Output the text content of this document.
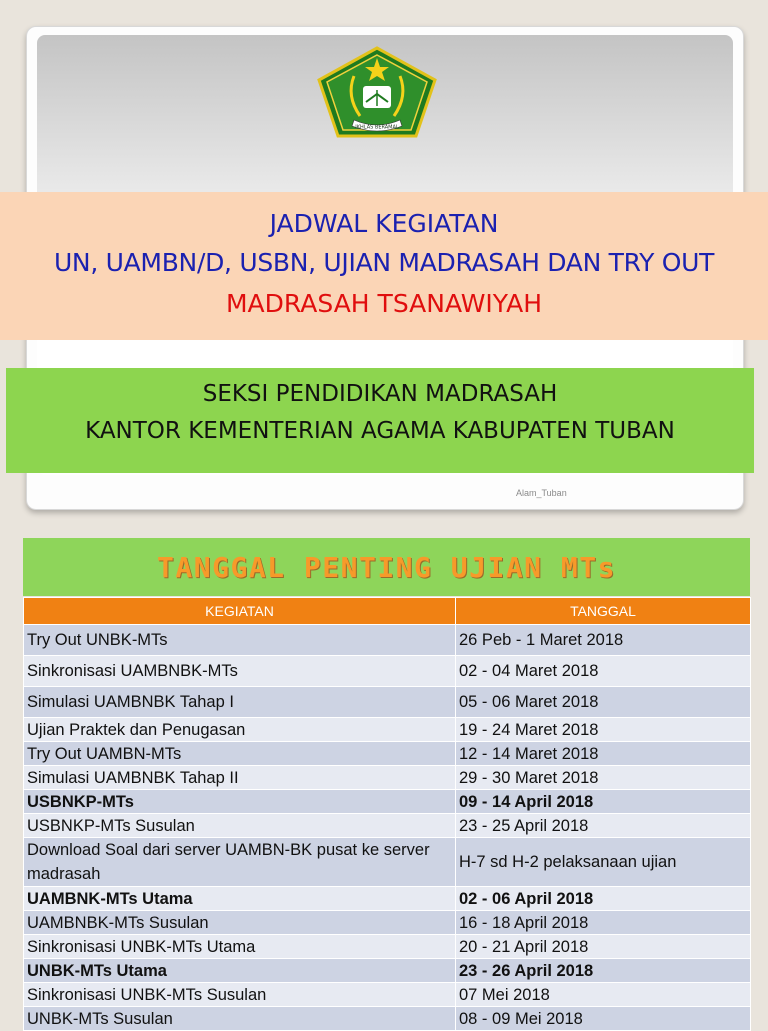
IKHLAS BERAMAL
JADWAL KEGIATAN
UN, UAMBN/D, USBN, UJIAN MADRASAH DAN TRY OUT
MADRASAH TSANAWIYAH
SEKSI PENDIDIKAN MADRASAH
KANTOR KEMENTERIAN AGAMA KABUPATEN TUBAN
Alam_Tuban
TANGGAL PENTING UJIAN MTs
KEGIATAN	TANGGAL
Try Out UNBK-MTs	26 Peb - 1 Maret 2018
Sinkronisasi UAMBNBK-MTs	02 - 04 Maret 2018
Simulasi UAMBNBK Tahap I	05 - 06 Maret 2018
Ujian Praktek dan Penugasan	19 - 24 Maret 2018
Try Out UAMBN-MTs	12 - 14 Maret 2018
Simulasi UAMBNBK Tahap II	29 - 30 Maret 2018
USBNKP-MTs	09 - 14 April 2018
USBNKP-MTs Susulan	23 - 25 April 2018
Download Soal dari server UAMBN-BK pusat ke server madrasah	H-7 sd H-2 pelaksanaan ujian
UAMBNK-MTs Utama	02 - 06 April 2018
UAMBNBK-MTs Susulan	16 - 18 April 2018
Sinkronisasi UNBK-MTs Utama	20 - 21 April 2018
UNBK-MTs Utama	23 - 26 April 2018
Sinkronisasi UNBK-MTs Susulan	07 Mei 2018
UNBK-MTs Susulan	08 - 09 Mei 2018
